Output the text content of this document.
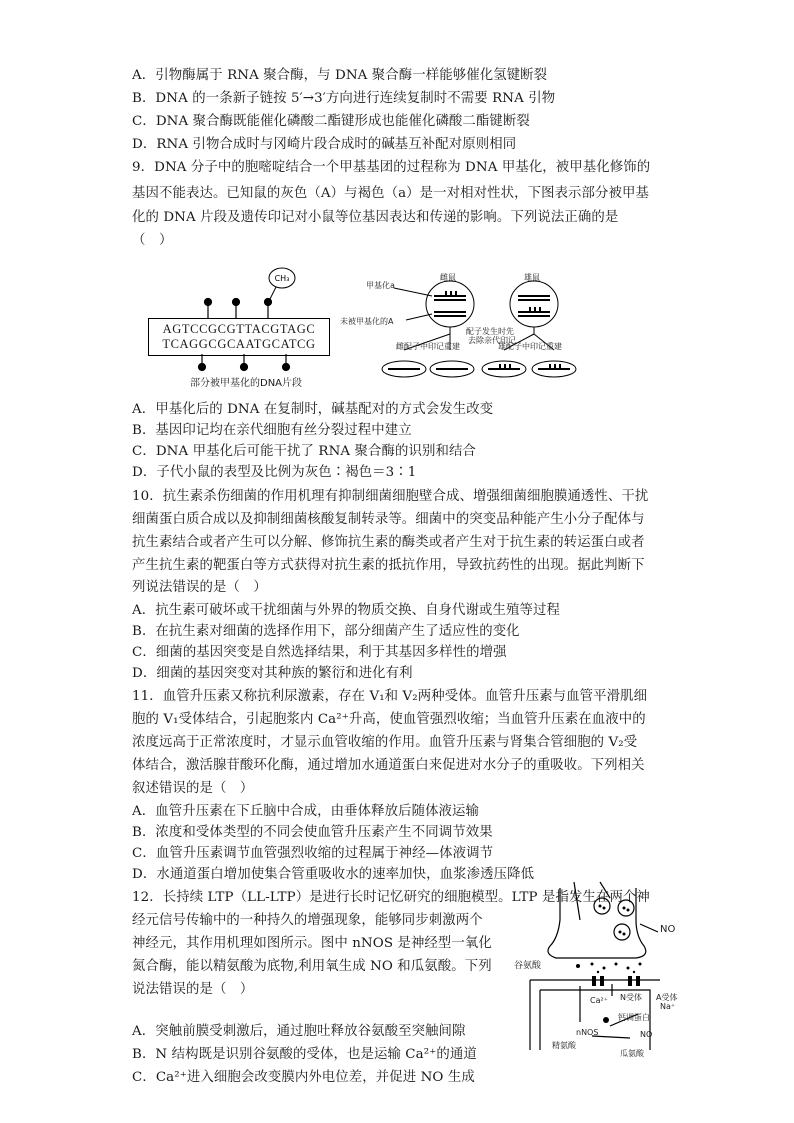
A．引物酶属于 RNA 聚合酶，与 DNA 聚合酶一样能够催化氢键断裂
B．DNA 的一条新子链按 5′→3′方向进行连续复制时不需要 RNA 引物
C．DNA 聚合酶既能催化磷酸二酯键形成也能催化磷酸二酯键断裂
D．RNA 引物合成时与冈崎片段合成时的碱基互补配对原则相同
9．DNA 分子中的胞嘧啶结合一个甲基基团的过程称为 DNA 甲基化，被甲基化修饰的
基因不能表达。已知鼠的灰色（A）与褐色（a）是一对相对性状，下图表示部分被甲基
化的 DNA 片段及遗传印记对小鼠等位基因表达和传递的影响。下列说法正确的是
（　）
A．甲基化后的 DNA 在复制时，碱基配对的方式会发生改变
B．基因印记均在亲代细胞有丝分裂过程中建立
C．DNA 甲基化后可能干扰了 RNA 聚合酶的识别和结合
D．子代小鼠的表型及比例为灰色∶褐色＝3∶1
10．抗生素杀伤细菌的作用机理有抑制细菌细胞壁合成、增强细菌细胞膜通透性、干扰
细菌蛋白质合成以及抑制细菌核酸复制转录等。细菌中的突变品种能产生小分子配体与
抗生素结合或者产生可以分解、修饰抗生素的酶类或者产生对于抗生素的转运蛋白或者
产生抗生素的靶蛋白等方式获得对抗生素的抵抗作用，导致抗药性的出现。据此判断下
列说法错误的是（　）
A．抗生素可破坏或干扰细菌与外界的物质交换、自身代谢或生殖等过程
B．在抗生素对细菌的选择作用下，部分细菌产生了适应性的变化
C．细菌的基因突变是自然选择结果，利于其基因多样性的增强
D．细菌的基因突变对其种族的繁衍和进化有利
11．血管升压素又称抗利尿激素，存在 V₁和 V₂两种受体。血管升压素与血管平滑肌细
胞的 V₁受体结合，引起胞浆内 Ca²⁺升高，使血管强烈收缩；当血管升压素在血液中的
浓度远高于正常浓度时，才显示血管收缩的作用。血管升压素与肾集合管细胞的 V₂受
体结合，激活腺苷酸环化酶，通过增加水通道蛋白来促进对水分子的重吸收。下列相关
叙述错误的是（　）
A．血管升压素在下丘脑中合成，由垂体释放后随体液运输
B．浓度和受体类型的不同会使血管升压素产生不同调节效果
C．血管升压素调节血管强烈收缩的过程属于神经—体液调节
D．水通道蛋白增加使集合管重吸收水的速率加快，血浆渗透压降低
12．长持续 LTP（LL-LTP）是进行长时记忆研究的细胞模型。LTP 是指发生在两个神
经元信号传输中的一种持久的增强现象，能够同步刺激两个
神经元，其作用机理如图所示。图中 nNOS 是神经型一氧化
氮合酶，能以精氨酸为底物,利用氧生成 NO 和瓜氨酸。下列
说法错误的是（　）
A．突触前膜受刺激后，通过胞吐释放谷氨酸至突触间隙
B．N 结构既是识别谷氨酸的受体，也是运输 Ca²⁺的通道
C．Ca²⁺进入细胞会改变膜内外电位差，并促进 NO 生成
CH₃
AGTCCGCGTTACGTAGC
TCAGGCGCAATGCATCG
部分被甲基化的DNA片段
甲基化a
雌鼠	雄鼠
未被甲基化的A
配子发生时先
去除亲代印记
雌配子中印记重建	雄配子中印记重建
谷氨酸
NO
N受体 A受体
Ca²⁺
Na⁺
钙调蛋白
nNOS	NO
精氨酸
瓜氨酸
